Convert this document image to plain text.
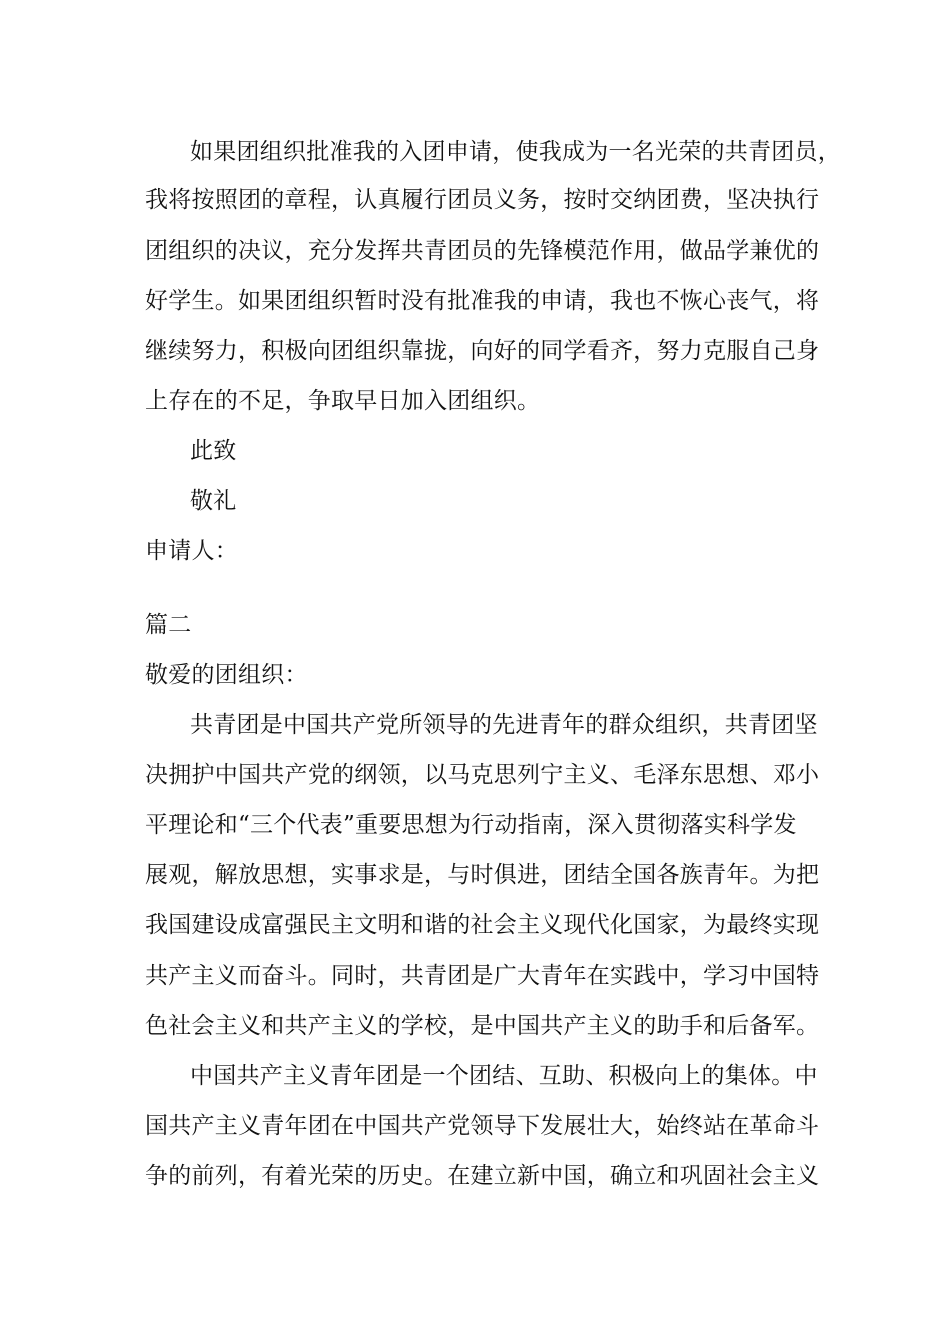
如果团组织批准我的入团申请，使我成为一名光荣的共青团员，
我将按照团的章程，认真履行团员义务，按时交纳团费，坚决执行
团组织的决议，充分发挥共青团员的先锋模范作用，做品学兼优的
好学生。如果团组织暂时没有批准我的申请，我也不恢心丧气，将
继续努力，积极向团组织靠拢，向好的同学看齐，努力克服自己身
上存在的不足，争取早日加入团组织。
此致
敬礼
申请人：
篇二
敬爱的团组织：
共青团是中国共产党所领导的先进青年的群众组织，共青团坚
决拥护中国共产党的纲领，以马克思列宁主义、毛泽东思想、邓小
平理论和“三个代表”重要思想为行动指南，深入贯彻落实科学发
展观，解放思想，实事求是，与时俱进，团结全国各族青年。为把
我国建设成富强民主文明和谐的社会主义现代化国家，为最终实现
共产主义而奋斗。同时，共青团是广大青年在实践中，学习中国特
色社会主义和共产主义的学校，是中国共产主义的助手和后备军。
中国共产主义青年团是一个团结、互助、积极向上的集体。中
国共产主义青年团在中国共产党领导下发展壮大，始终站在革命斗
争的前列，有着光荣的历史。在建立新中国，确立和巩固社会主义
